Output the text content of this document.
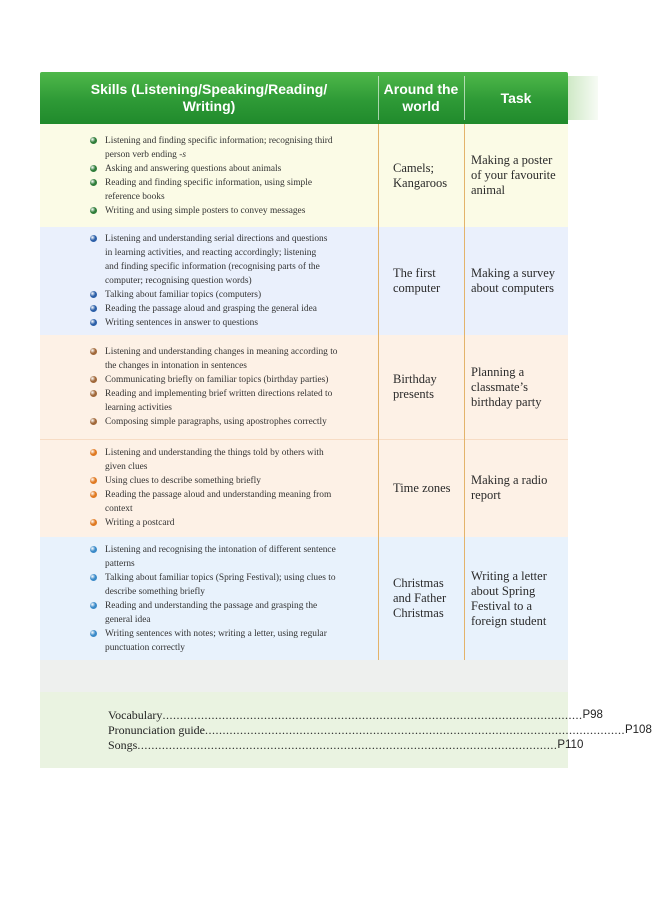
Skills (Listening/Speaking/Reading/
Writing)
Around the
world
Task
Listening and finding specific information; recognising third
person verb ending -s
Asking and answering questions about animals
Reading and finding specific information, using simple
reference books
Writing and using simple posters to convey messages
Camels;
Kangaroos
Making a poster
of your favourite
animal
Listening and understanding serial directions and questions
in learning activities, and reacting accordingly; listening
and finding specific information (recognising parts of the
computer; recognising question words)
Talking about familiar topics (computers)
Reading the passage aloud and grasping the general idea
Writing sentences in answer to questions
The first
computer
Making a survey
about computers
Listening and understanding changes in meaning according to
the changes in intonation in sentences
Communicating briefly on familiar topics (birthday parties)
Reading and implementing brief written directions related to
learning activities
Composing simple paragraphs, using apostrophes correctly
Birthday
presents
Planning a
classmate’s
birthday party
Listening and understanding the things told by others with
given clues
Using clues to describe something briefly
Reading the passage aloud and understanding meaning from
context
Writing a postcard
Time zones
Making a radio
report
Listening and recognising the intonation of different sentence
patterns
Talking about familiar topics (Spring Festival); using clues to
describe something briefly
Reading and understanding the passage and grasping the
general idea
Writing sentences with notes; writing a letter, using regular
punctuation correctly
Christmas
and Father
Christmas
Writing a letter
about Spring
Festival to a
foreign student
Vocabulary ........................................................................................................................ P98
Pronunciation guide ........................................................................................................................ P108
Songs ........................................................................................................................ P110
